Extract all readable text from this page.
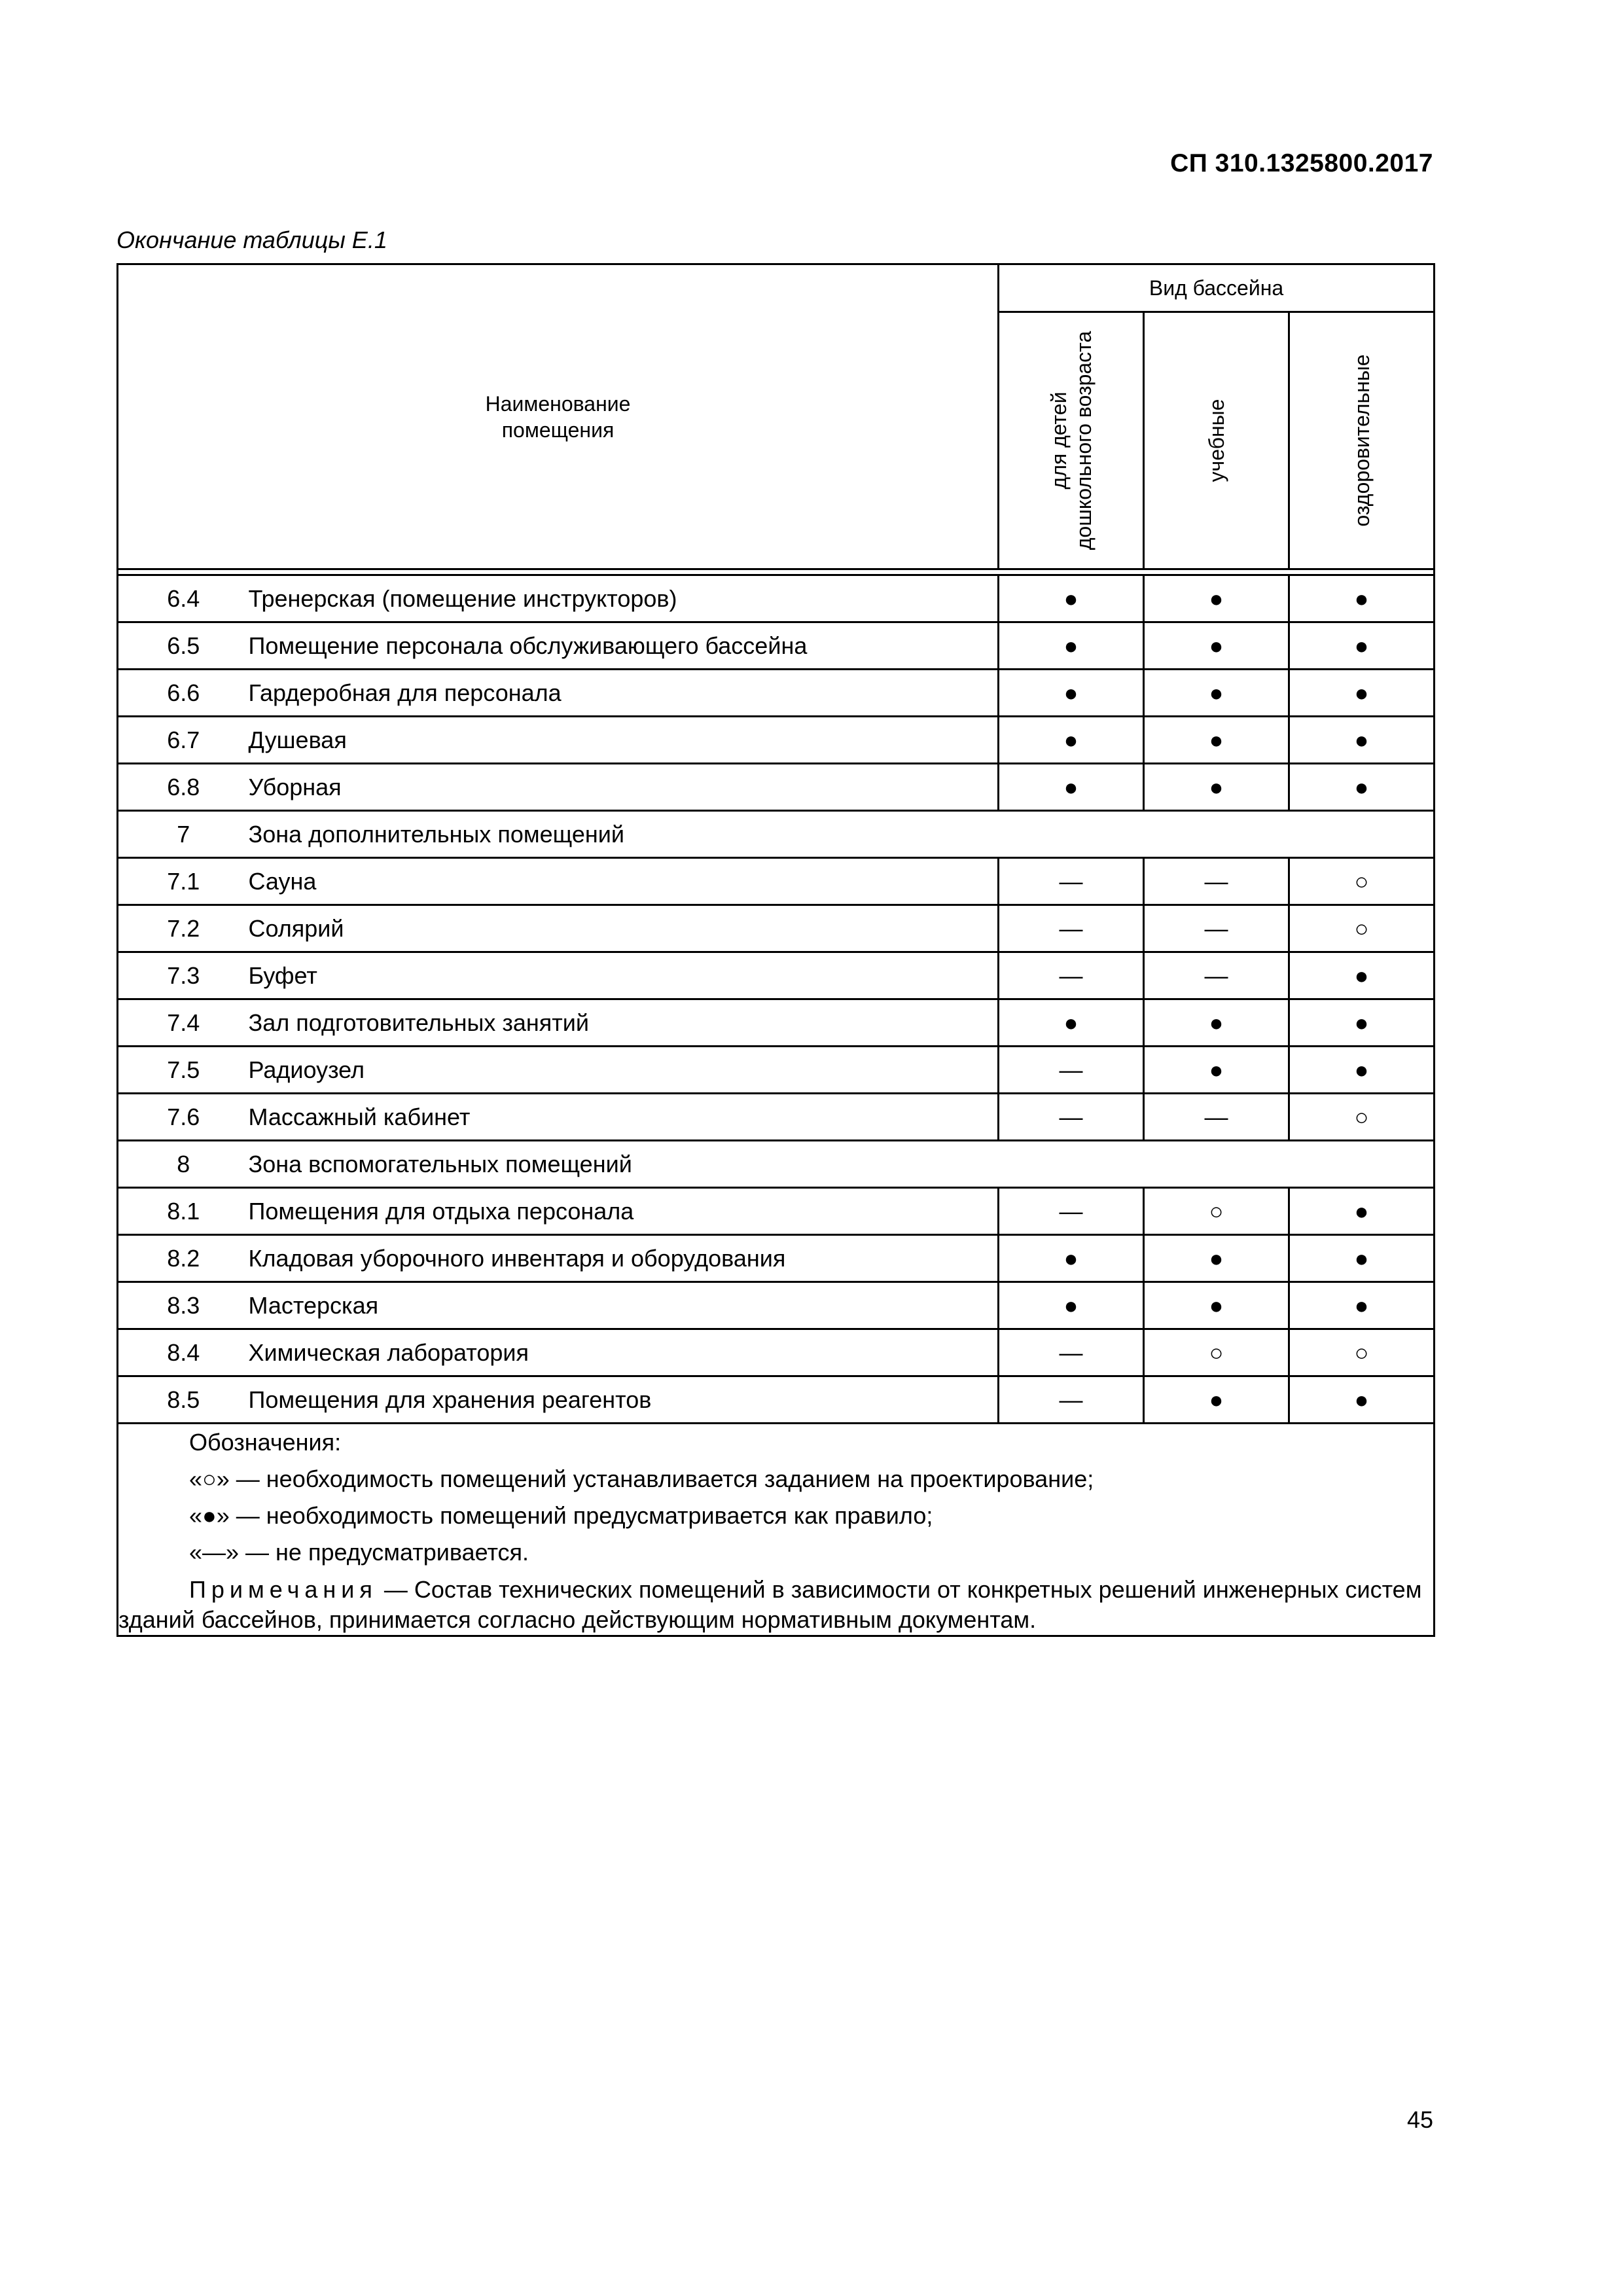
СП 310.1325800.2017
Окончание таблицы Е.1
Наименование
помещения		Вид бассейна		

		для детей дошкольного возраста	учебные	оздоровительные

6.4	Тренерская (помещение инструкторов)	●	●	●
6.5	Помещение персонала обслуживающего бассейна	●	●	●
6.6	Гардеробная для персонала	●	●	●
6.7	Душевая	●	●	●
6.8	Уборная	●	●	●
7	Зона дополнительных помещений			
7.1	Сауна	—	—	○
7.2	Солярий	—	—	○
7.3	Буфет	—	—	●
7.4	Зал подготовительных занятий	●	●	●
7.5	Радиоузел	—	●	●
7.6	Массажный кабинет	—	—	○
8	Зона вспомогательных помещений			
8.1	Помещения для отдыха персонала	—	○	●
8.2	Кладовая уборочного инвентаря и оборудования	●	●	●
8.3	Мастерская	●	●	●
8.4	Химическая лаборатория	—	○	○
8.5	Помещения для хранения реагентов	—	●	●

Обозначения:
«○» — необходимость помещений устанавливается заданием на проектирование;
«●» — необходимость помещений предусматривается как правило;
«—» — не предусматривается.
Примечания — Состав технических помещений в зависимости от конкретных решений инженерных систем зданий бассейнов, принимается согласно действующим нормативным документам.				
45
